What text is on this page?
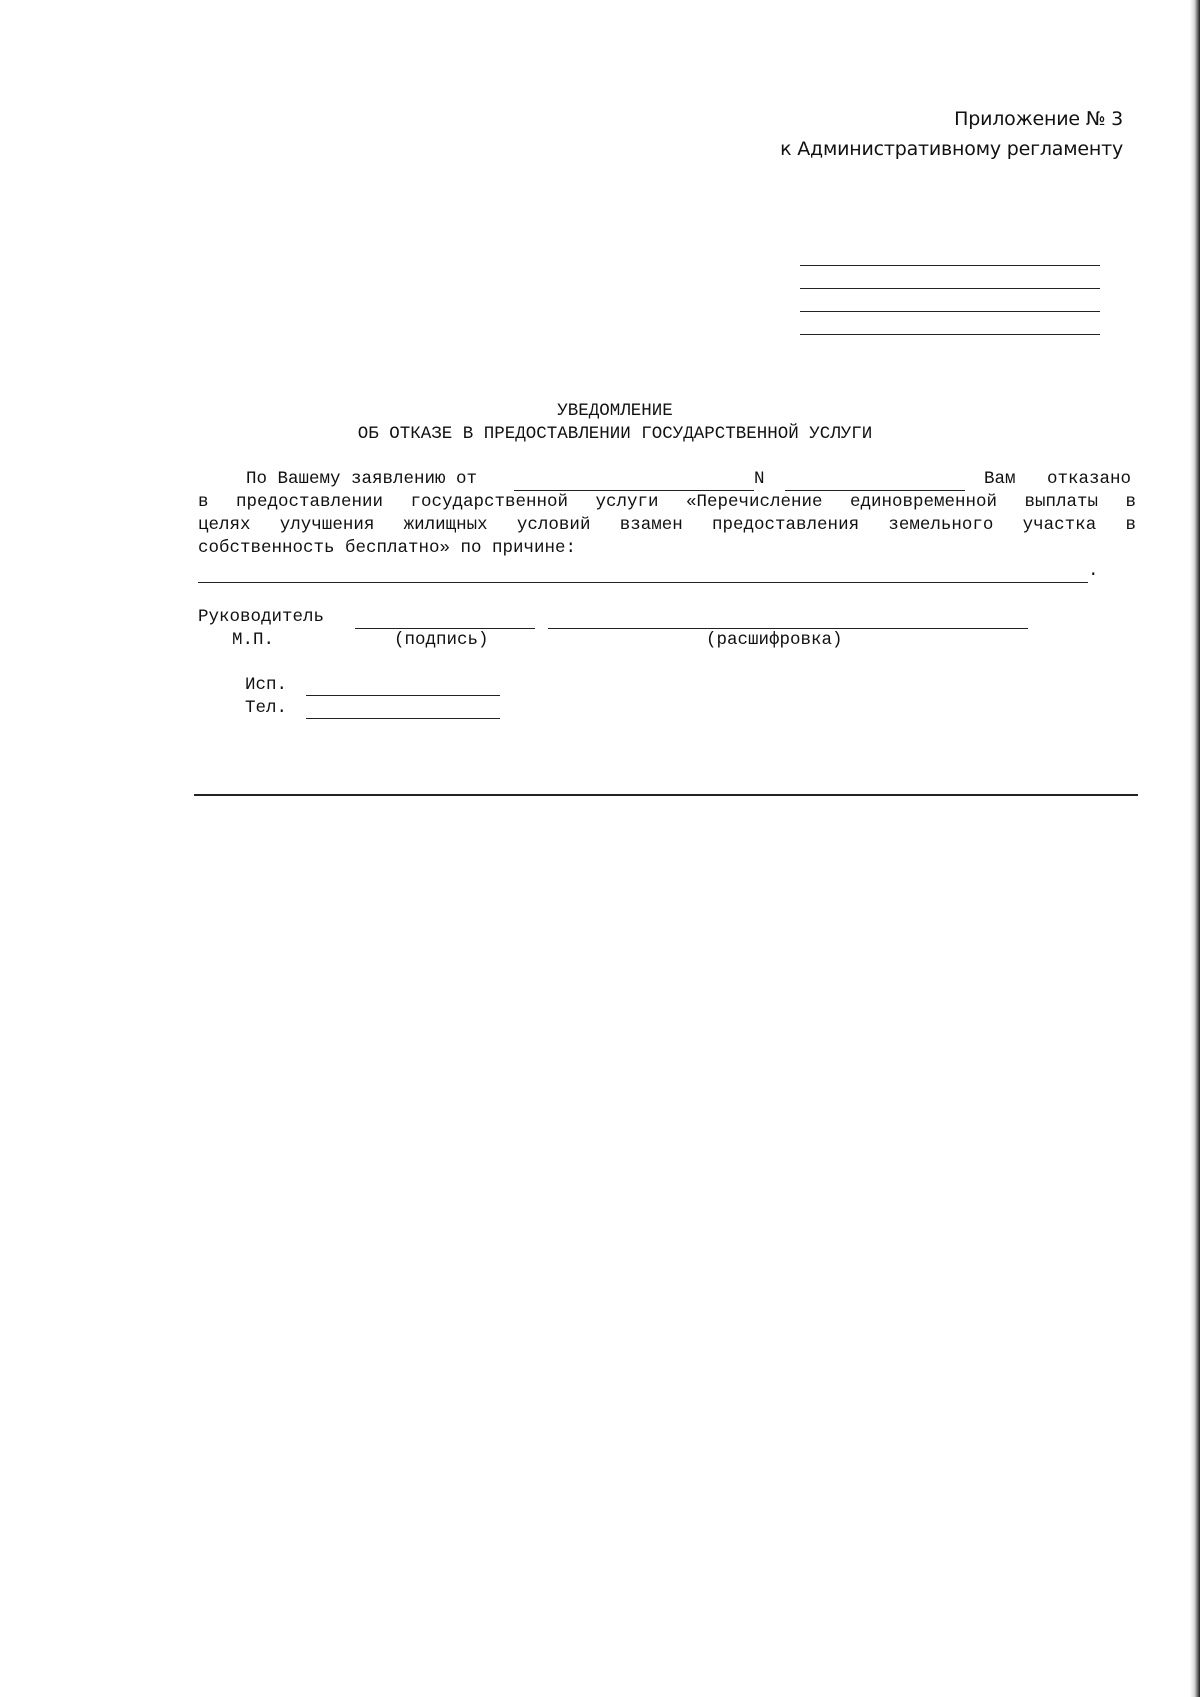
Приложение № 3
к Административному регламенту
УВЕДОМЛЕНИЕ
ОБ ОТКАЗЕ В ПРЕДОСТАВЛЕНИИ ГОСУДАРСТВЕННОЙ УСЛУГИ
По Вашему заявлению от	N	Вам   отказано
в предоставлении государственной услуги «Перечисление единовременной выплаты в
целях улучшения жилищных условий взамен предоставления земельного участка в
собственность бесплатно» по причине:
.
Руководитель
М.П.	(подпись)	(расшифровка)
Исп.
Тел.
